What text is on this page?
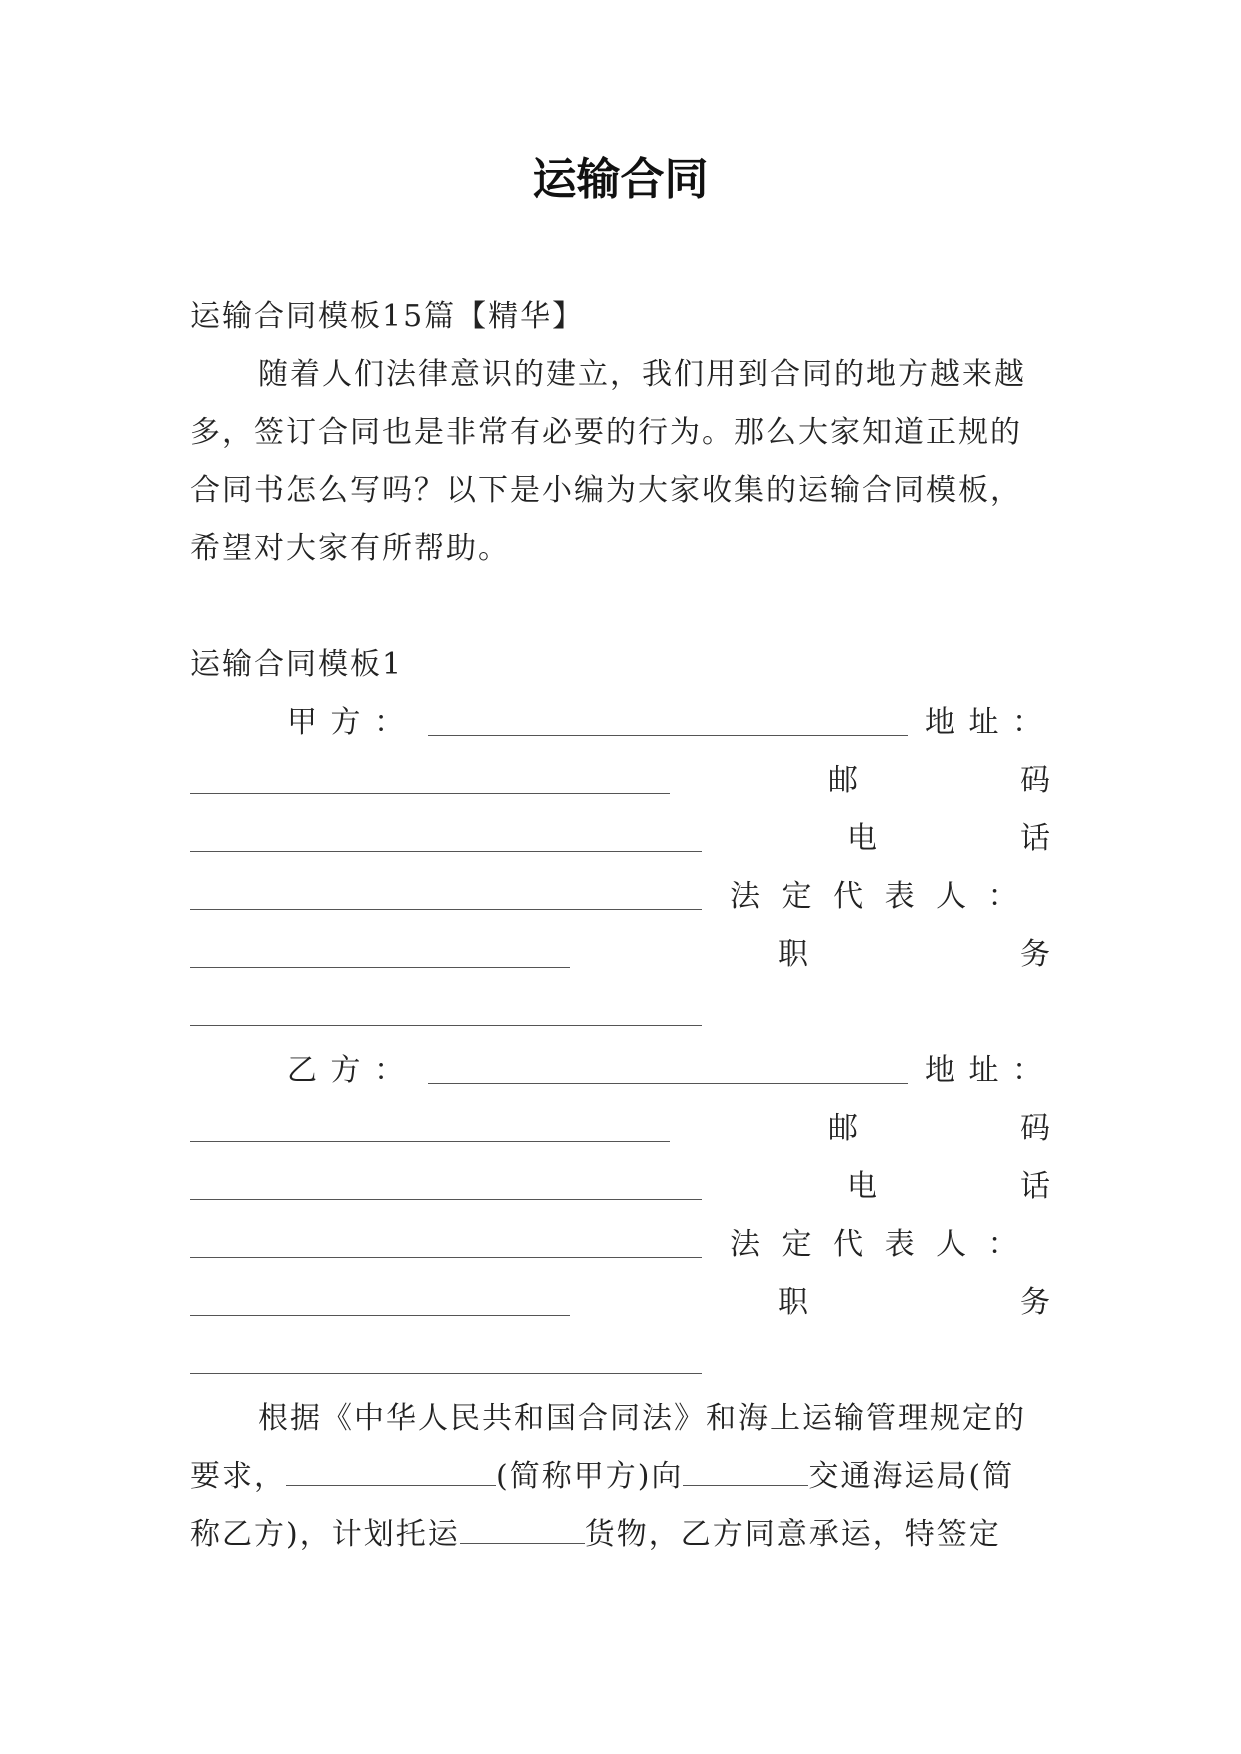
运输合同
运输合同模板15篇【精华】
随着人们法律意识的建立，我们用到合同的地方越来越
多，签订合同也是非常有必要的行为。那么大家知道正规的
合同书怎么写吗？以下是小编为大家收集的运输合同模板，
希望对大家有所帮助。
运输合同模板1
甲 方 ：	地 址 ：
邮	码
电	话
法 定 代 表 人 ：
职	务
乙 方 ：	地 址 ：
邮	码
电	话
法 定 代 表 人 ：
职	务
根据《中华人民共和国合同法》和海上运输管理规定的
要求，	(简称甲方)向	交通海运局(简
称乙方)，计划托运	货物，乙方同意承运，特签定
